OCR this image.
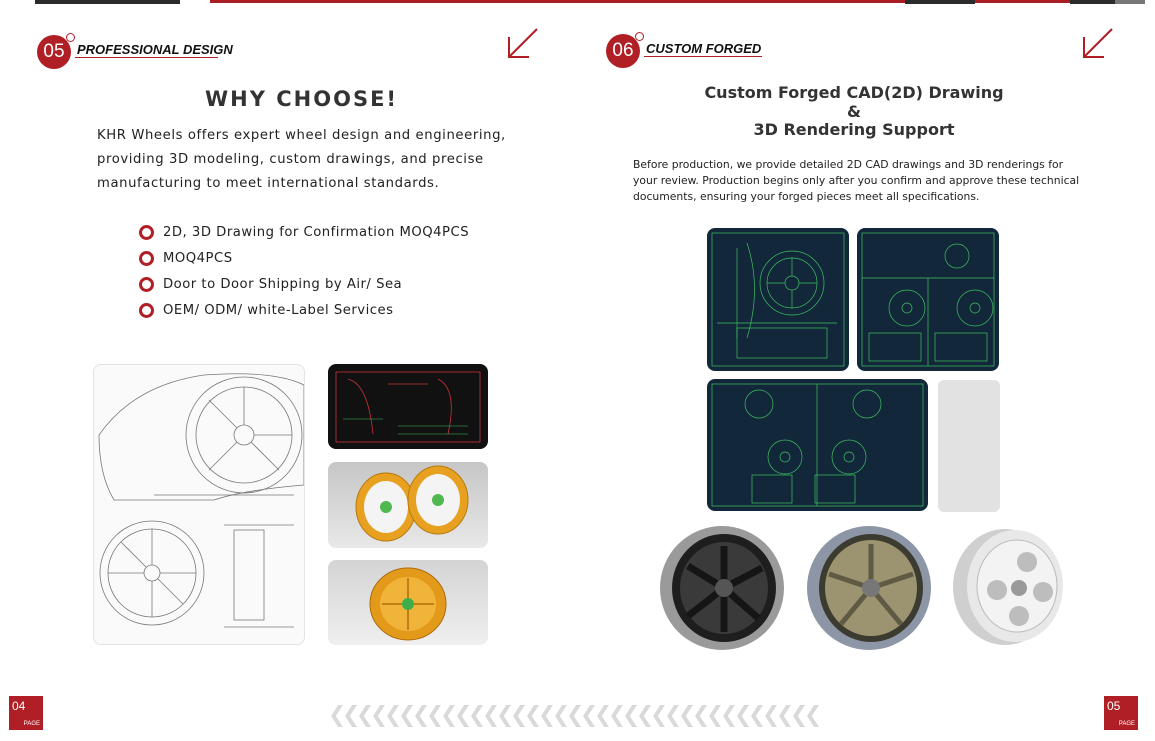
05 PROFESSIONAL DESIGN
WHY CHOOSE!
KHR Wheels offers expert wheel design and engineering,
providing 3D modeling, custom drawings, and precise
manufacturing to meet international standards.
2D, 3D Drawing for Confirmation MOQ4PCS
MOQ4PCS
Door to Door Shipping by Air/ Sea
OEM/ ODM/ white-Label Services
04
PAGE
06 CUSTOM FORGED
Custom Forged CAD(2D) Drawing
&
3D Rendering Support
Before production, we provide detailed 2D CAD drawings and 3D renderings for
your review. Production begins only after you confirm and approve these technical
documents, ensuring your forged pieces meet all specifications.
05
PAGE
